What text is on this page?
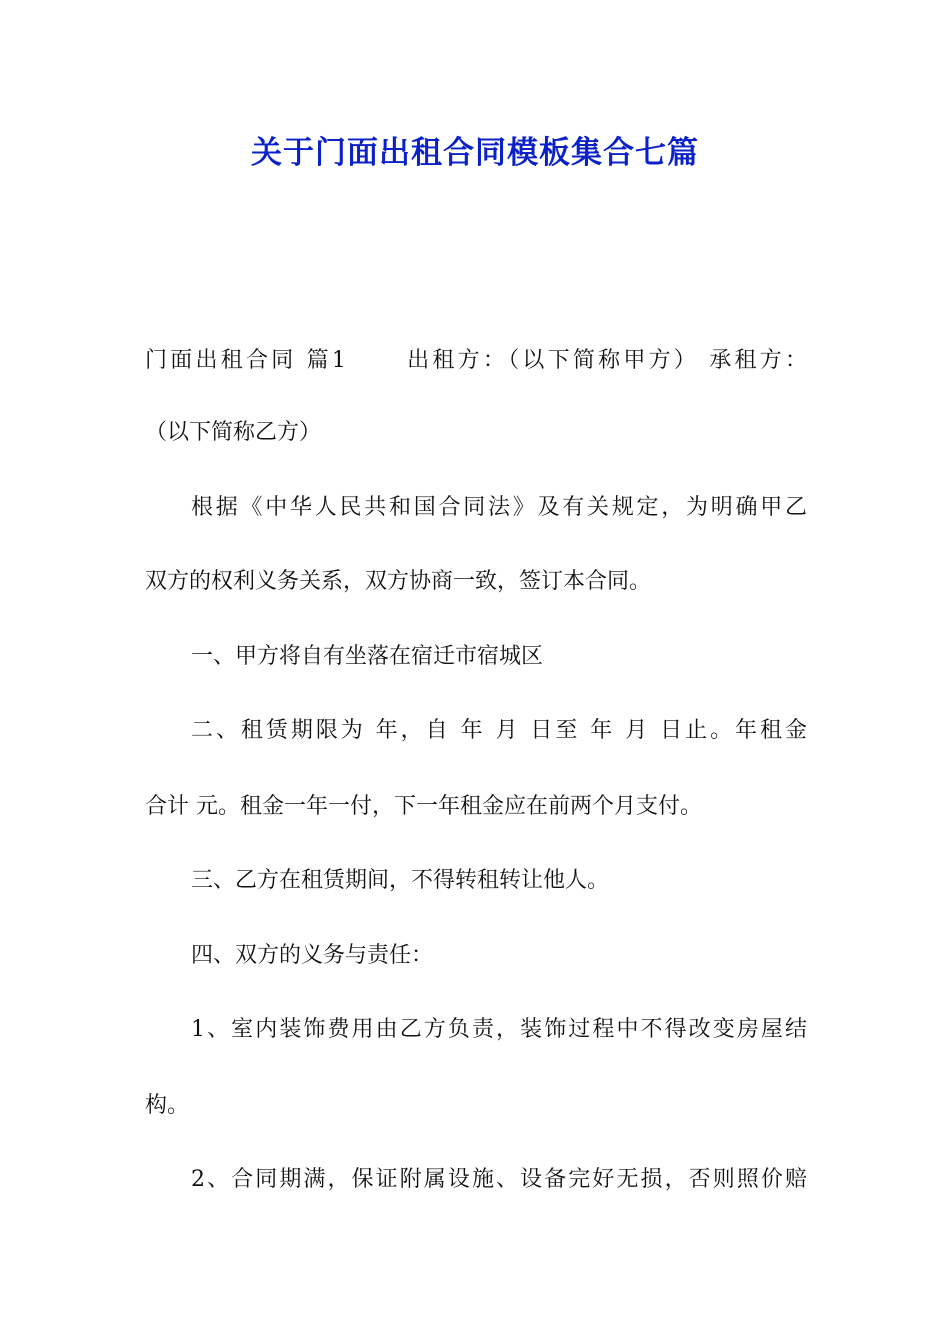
关于门面出租合同模板集合七篇

门面出租合同 篇1	出租方：（以下简称甲方） 承租方：

（以下简称乙方）

根据《中华人民共和国合同法》及有关规定，为明确甲乙

双方的权利义务关系，双方协商一致，签订本合同。

一、甲方将自有坐落在宿迁市宿城区

二、租赁期限为 年，自 年 月 日至 年 月 日止。年租金

合计 元。租金一年一付，下一年租金应在前两个月支付。

三、乙方在租赁期间，不得转租转让他人。

四、双方的义务与责任：

1、室内装饰费用由乙方负责，装饰过程中不得改变房屋结

构。

2、合同期满，保证附属设施、设备完好无损，否则照价赔
